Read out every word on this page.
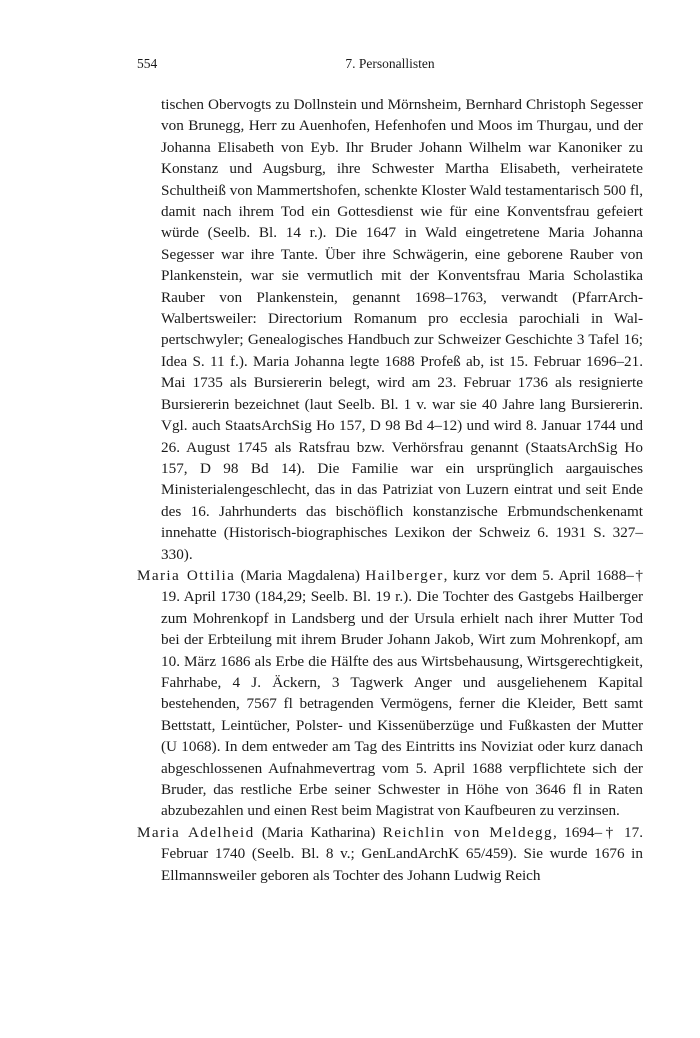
554	7. Personallisten

tischen Obervogts zu Dollnstein und Mörnsheim, Bernhard Christoph Segesser von Brunegg, Herr zu Auenhofen, Hefenhofen und Moos im Thurgau, und der Johanna Elisabeth von Eyb. Ihr Bruder Johann Wilhelm war Kanoniker zu Konstanz und Augsburg, ihre Schwester Martha Elisabeth, verheiratete Schultheiß von Mammertshofen, schenkte Kloster Wald testamentarisch 500 fl, damit nach ihrem Tod ein Gottesdienst wie für eine Konventsfrau gefeiert würde (Seelb. Bl. 14 r.). Die 1647 in Wald eingetretene Maria Johanna Segesser war ihre Tante. Über ihre Schwägerin, eine geborene Rauber von Plankenstein, war sie vermutlich mit der Konventsfrau Maria Scholastika Rauber von Plankenstein, genannt 1698–1763, verwandt (PfarrArchWalbertsweiler: Directorium Romanum pro ecclesia parochiali in Walpertschwyler; Genealogisches Handbuch zur Schweizer Geschichte 3 Tafel 16; Idea S. 11 f.). Maria Johanna legte 1688 Profeß ab, ist 15. Februar 1696–21. Mai 1735 als Bursiererin belegt, wird am 23. Februar 1736 als resignierte Bursiererin bezeichnet (laut Seelb. Bl. 1 v. war sie 40 Jahre lang Bursiererin. Vgl. auch StaatsArchSig Ho 157, D 98 Bd 4–12) und wird 8. Januar 1744 und 26. August 1745 als Ratsfrau bzw. Verhörsfrau genannt (StaatsArchSig Ho 157, D 98 Bd 14). Die Familie war ein ursprünglich aargauisches Ministerialengeschlecht, das in das Patriziat von Luzern eintrat und seit Ende des 16. Jahrhunderts das bischöflich konstanzische Erbmundschenkenamt innehatte (Historisch-biographisches Lexikon der Schweiz 6. 1931 S. 327–330).

Maria Ottilia (Maria Magdalena) Hailberger, kurz vor dem 5. April 1688–† 19. April 1730 (184,29; Seelb. Bl. 19 r.). Die Tochter des Gastgebs Hailberger zum Mohrenkopf in Landsberg und der Ursula erhielt nach ihrer Mutter Tod bei der Erbteilung mit ihrem Bruder Johann Jakob, Wirt zum Mohrenkopf, am 10. März 1686 als Erbe die Hälfte des aus Wirtsbehausung, Wirtsgerechtigkeit, Fahrhabe, 4 J. Äckern, 3 Tagwerk Anger und ausgeliehenem Kapital bestehenden, 7567 fl betragenden Vermögens, ferner die Kleider, Bett samt Bettstatt, Leintücher, Polster- und Kissenüberzüge und Fußkasten der Mutter (U 1068). In dem entweder am Tag des Eintritts ins Noviziat oder kurz danach abgeschlossenen Aufnahmevertrag vom 5. April 1688 verpflichtete sich der Bruder, das restliche Erbe seiner Schwester in Höhe von 3646 fl in Raten abzubezahlen und einen Rest beim Magistrat von Kaufbeuren zu verzinsen.

Maria Adelheid (Maria Katharina) Reichlin von Meldegg, 1694–† 17. Februar 1740 (Seelb. Bl. 8 v.; GenLandArchK 65/459). Sie wurde 1676 in Ellmannsweiler geboren als Tochter des Johann Ludwig Reich
